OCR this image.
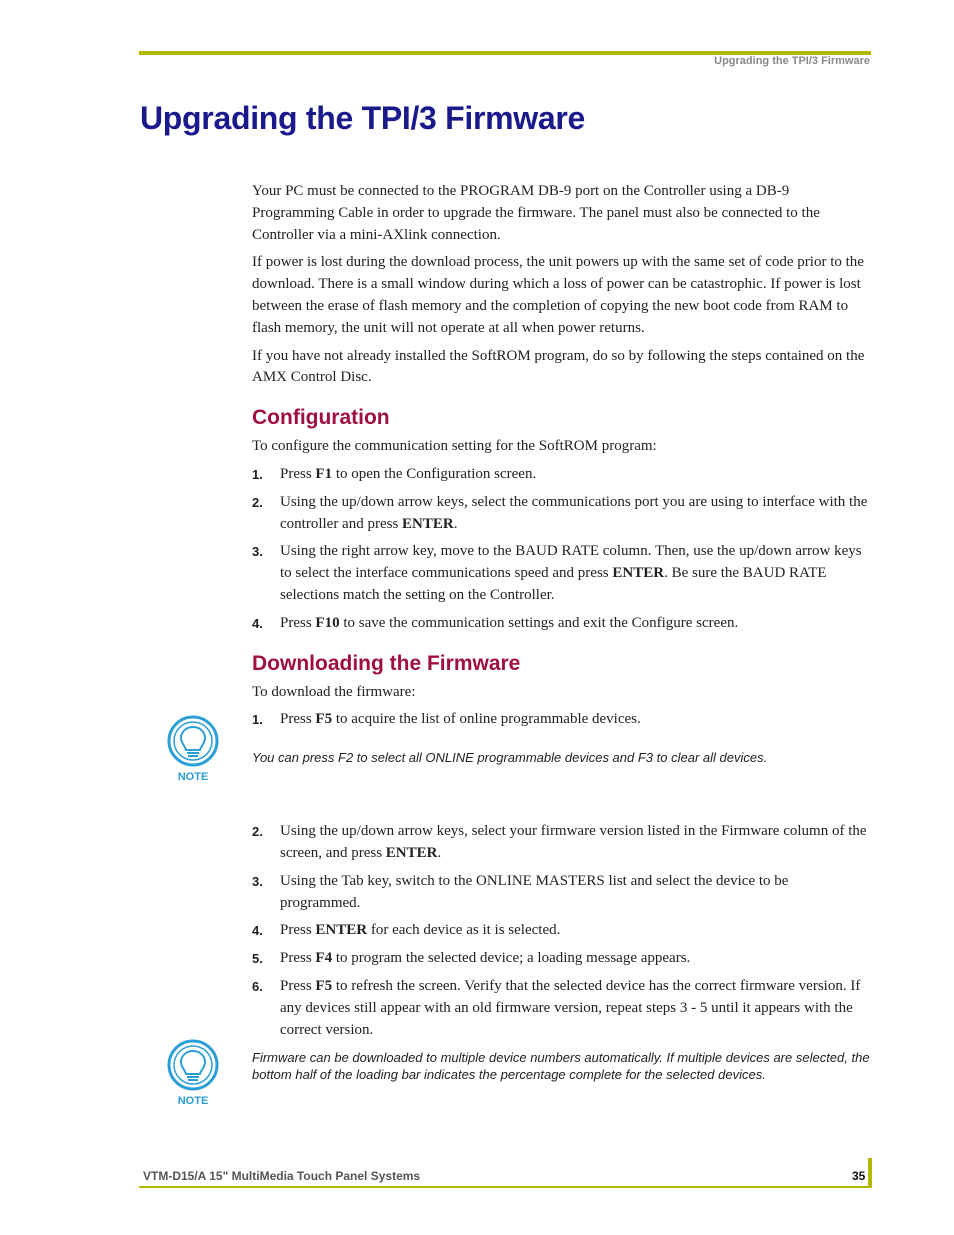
Upgrading the TPI/3 Firmware
Upgrading the TPI/3 Firmware

Your PC must be connected to the PROGRAM DB-9 port on the Controller using a DB-9 Programming Cable in order to upgrade the firmware. The panel must also be connected to the Controller via a mini-AXlink connection.

If power is lost during the download process, the unit powers up with the same set of code prior to the download. There is a small window during which a loss of power can be catastrophic. If power is lost between the erase of flash memory and the completion of copying the new boot code from RAM to flash memory, the unit will not operate at all when power returns.

If you have not already installed the SoftROM program, do so by following the steps contained on the AMX Control Disc.

Configuration

To configure the communication setting for the SoftROM program:

1. Press F1 to open the Configuration screen.
2. Using the up/down arrow keys, select the communications port you are using to interface with the controller and press ENTER.
3. Using the right arrow key, move to the BAUD RATE column. Then, use the up/down arrow keys to select the interface communications speed and press ENTER. Be sure the BAUD RATE selections match the setting on the Controller.
4. Press F10 to save the communication settings and exit the Configure screen.
Downloading the Firmware

To download the firmware:

1. Press F5 to acquire the list of online programmable devices.
NOTE
You can press F2 to select all ONLINE programmable devices and F3 to clear all devices.
2. Using the up/down arrow keys, select your firmware version listed in the Firmware column of the screen, and press ENTER.
3. Using the Tab key, switch to the ONLINE MASTERS list and select the device to be programmed.
4. Press ENTER for each device as it is selected.
5. Press F4 to program the selected device; a loading message appears.
6. Press F5 to refresh the screen. Verify that the selected device has the correct firmware version. If any devices still appear with an old firmware version, repeat steps 3 - 5 until it appears with the correct version.
NOTE
Firmware can be downloaded to multiple device numbers automatically. If multiple devices are selected, the bottom half of the loading bar indicates the percentage complete for the selected devices.
VTM-D15/A 15" MultiMedia Touch Panel Systems	35
